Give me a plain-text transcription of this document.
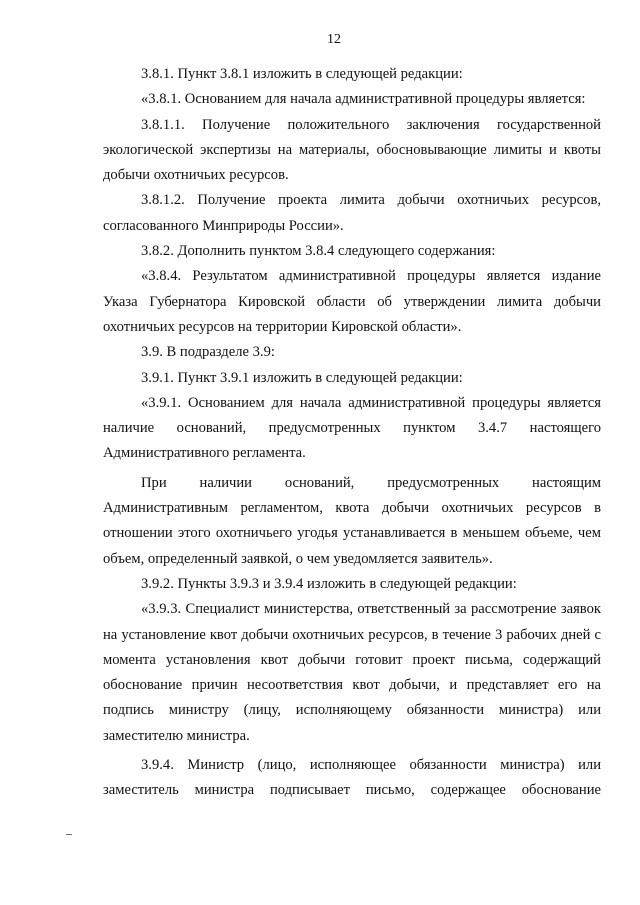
12

3.8.1. Пункт 3.8.1 изложить в следующей редакции:

«3.8.1. Основанием для начала административной процедуры является:

3.8.1.1. Получение положительного заключения государственной экологической экспертизы на материалы, обосновывающие лимиты и квоты добычи охотничьих ресурсов.

3.8.1.2. Получение проекта лимита добычи охотничьих ресурсов, согласованного Минприроды России».

3.8.2. Дополнить пунктом 3.8.4 следующего содержания:

«3.8.4. Результатом административной процедуры является издание Указа Губернатора Кировской области об утверждении лимита добычи охотничьих ресурсов на территории Кировской области».

3.9. В подразделе 3.9:

3.9.1. Пункт 3.9.1 изложить в следующей редакции:

«3.9.1. Основанием для начала административной процедуры является наличие оснований, предусмотренных пунктом 3.4.7 настоящего Административного регламента.

При наличии оснований, предусмотренных настоящим Административным регламентом, квота добычи охотничьих ресурсов в отношении этого охотничьего угодья устанавливается в меньшем объеме, чем объем, определенный заявкой, о чем уведомляется заявитель».

3.9.2. Пункты 3.9.3 и 3.9.4 изложить в следующей редакции:

«3.9.3. Специалист министерства, ответственный за рассмотрение заявок на установление квот добычи охотничьих ресурсов, в течение 3 рабочих дней с момента установления квот добычи готовит проект письма, содержащий обоснование причин несоответствия квот добычи, и представляет его на подпись министру (лицу, исполняющему обязанности министра) или заместителю министра.

3.9.4. Министр (лицо, исполняющее обязанности министра) или заместитель министра подписывает письмо, содержащее обоснование

–
